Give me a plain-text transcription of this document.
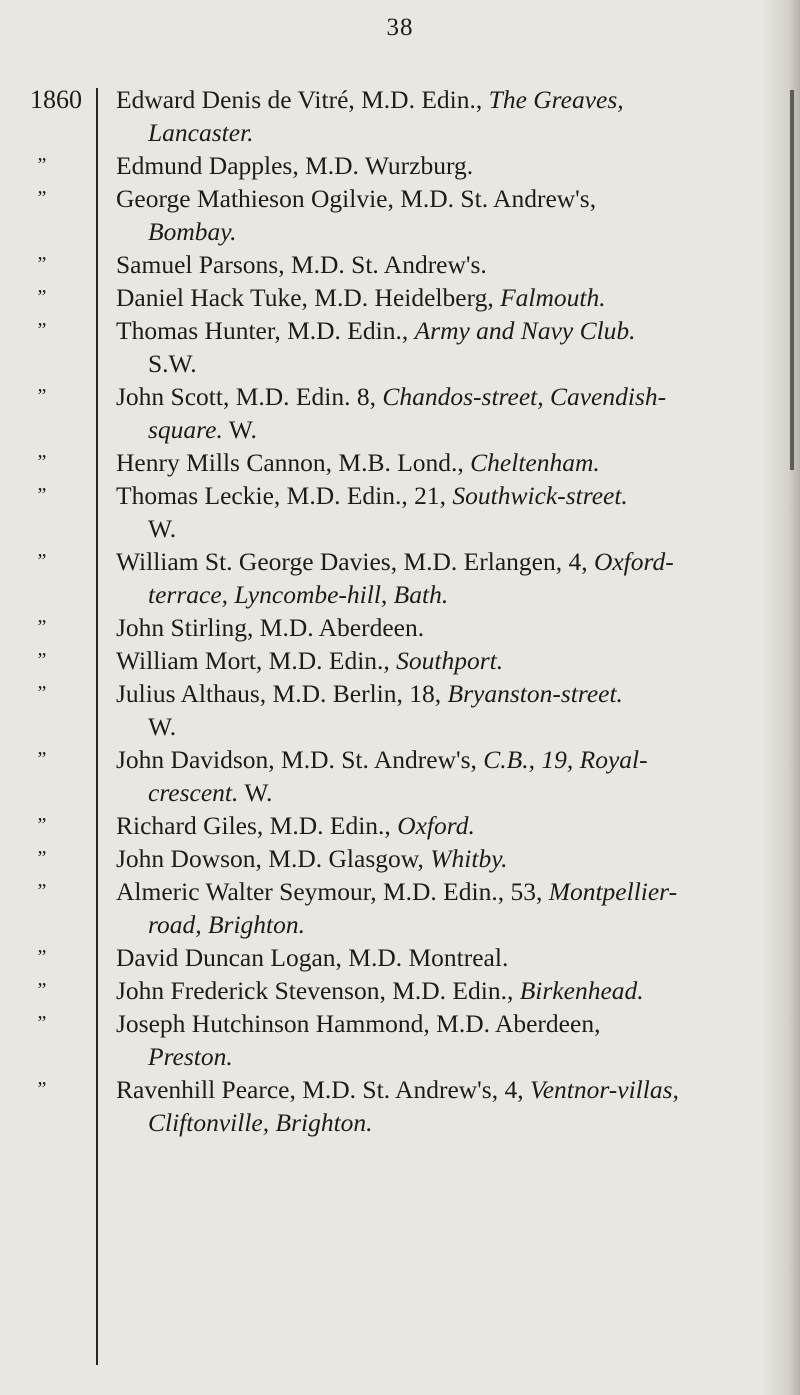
38
1860 Edward Denis de Vitré, M.D. Edin., The Greaves,
Lancaster.
”	Edmund Dapples, M.D. Wurzburg.
”	George Mathieson Ogilvie, M.D. St. Andrew's,
Bombay.
”	Samuel Parsons, M.D. St. Andrew's.
”	Daniel Hack Tuke, M.D. Heidelberg, Falmouth.
”	Thomas Hunter, M.D. Edin., Army and Navy Club.
S.W.
”	John Scott, M.D. Edin. 8, Chandos-street, Cavendish-
square. W.
”	Henry Mills Cannon, M.B. Lond., Cheltenham.
”	Thomas Leckie, M.D. Edin., 21, Southwick-street.
W.
”	William St. George Davies, M.D. Erlangen, 4, Oxford-
terrace, Lyncombe-hill, Bath.
”	John Stirling, M.D. Aberdeen.
”	William Mort, M.D. Edin., Southport.
”	Julius Althaus, M.D. Berlin, 18, Bryanston-street.
W.
”	John Davidson, M.D. St. Andrew's, C.B., 19, Royal-
crescent. W.
”	Richard Giles, M.D. Edin., Oxford.
”	John Dowson, M.D. Glasgow, Whitby.
”	Almeric Walter Seymour, M.D. Edin., 53, Montpellier-
road, Brighton.
”	David Duncan Logan, M.D. Montreal.
”	John Frederick Stevenson, M.D. Edin., Birkenhead.
”	Joseph Hutchinson Hammond, M.D. Aberdeen,
Preston.
”	Ravenhill Pearce, M.D. St. Andrew's, 4, Ventnor-villas,
Cliftonville, Brighton.
